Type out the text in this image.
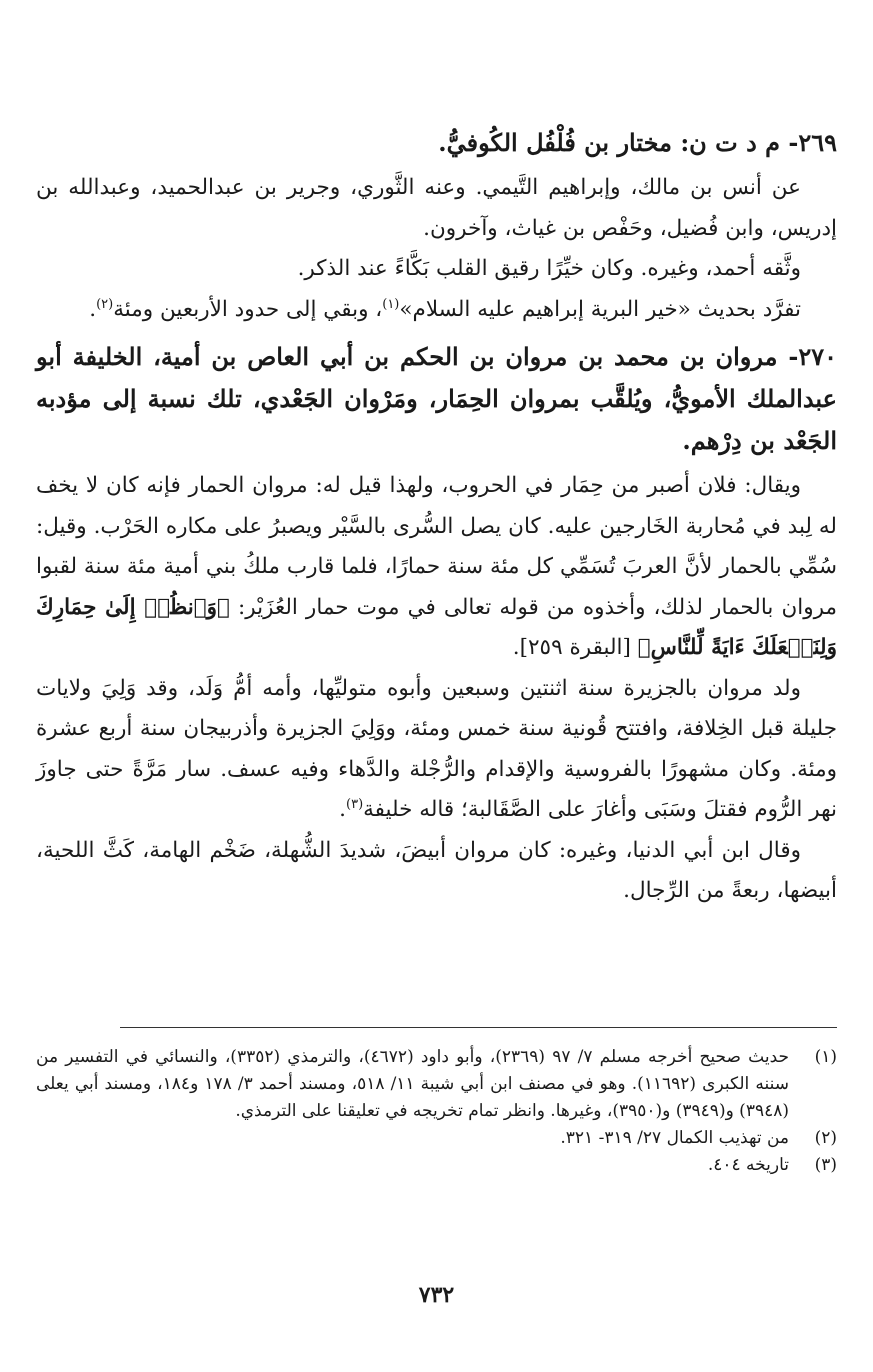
٢٦٩- م د ت ن: مختار بن فُلْفُل الكُوفيُّ.

عن أنس بن مالك، وإبراهيم التَّيمي. وعنه الثَّوري، وجرير بن عبدالحميد، وعبدالله بن إدريس، وابن فُضيل، وحَفْص بن غياث، وآخرون.

وثَّقه أحمد، وغيره. وكان خيِّرًا رقيق القلب بَكَّاءً عند الذكر.

تفرَّد بحديث «خير البرية إبراهيم عليه السلام»$^{(١)}$، وبقي إلى حدود الأربعين ومئة$^{(٢)}$.

٢٧٠- مروان بن محمد بن مروان بن الحكم بن أبي العاص بن أمية، الخليفة أبو عبدالملك الأمويُّ، ويُلقَّب بمروان الحِمَار، ومَرْوان الجَعْدي، تلك نسبة إلى مؤدبه الجَعْد بن دِرْهم.

ويقال: فلان أصبر من حِمَار في الحروب، ولهذا قيل له: مروان الحمار فإنه كان لا يخف له لِبد في مُحاربة الخَارجين عليه. كان يصل السُّرى بالسَّيْر ويصبرُ على مكاره الحَرْب. وقيل: سُمِّي بالحمار لأنَّ العربَ تُسَمِّي كل مئة سنة حمارًا، فلما قارب ملكُ بني أمية مئة سنة لقبوا مروان بالحمار لذلك، وأخذوه من قوله تعالى في موت حمار العُزَيْر: ﴿وَٱنظُرۡ إِلَىٰ حِمَارِكَ وَلِنَجۡعَلَكَ ءَايَةً لِّلنَّاسِ﴾ [البقرة ٢٥٩].

ولد مروان بالجزيرة سنة اثنتين وسبعين وأبوه متوليِّها، وأمه أمُّ وَلَد، وقد وَلِيَ ولايات جليلة قبل الخِلافة، وافتتح قُونية سنة خمس ومئة، ووَلِيَ الجزيرة وأذربيجان سنة أربع عشرة ومئة. وكان مشهورًا بالفروسية والإقدام والرُّجْلة والدَّهاء وفيه عسف. سار مَرَّةً حتى جاوزَ نهر الرُّوم فقتلَ وسَبَى وأغارَ على الصَّقَالبة؛ قاله خليفة$^{(٣)}$.

وقال ابن أبي الدنيا، وغيره: كان مروان أبيضَ، شديدَ الشُّهلة، ضَخْم الهامة، كَثَّ اللحية، أبيضها، ربعةً من الرِّجال.

(١)
حديث صحيح أخرجه مسلم ٧/ ٩٧ (٢٣٦٩)، وأبو داود (٤٦٧٢)، والترمذي (٣٣٥٢)، والنسائي في التفسير من سننه الكبرى (١١٦٩٢). وهو في مصنف ابن أبي شيبة ١١/ ٥١٨، ومسند أحمد ٣/ ١٧٨ و١٨٤، ومسند أبي يعلى (٣٩٤٨) و(٣٩٤٩) و(٣٩٥٠)، وغيرها. وانظر تمام تخريجه في تعليقنا على الترمذي.
(٢)
من تهذيب الكمال ٢٧/ ٣١٩- ٣٢١.
(٣)
تاريخه ٤٠٤.
٧٣٢
